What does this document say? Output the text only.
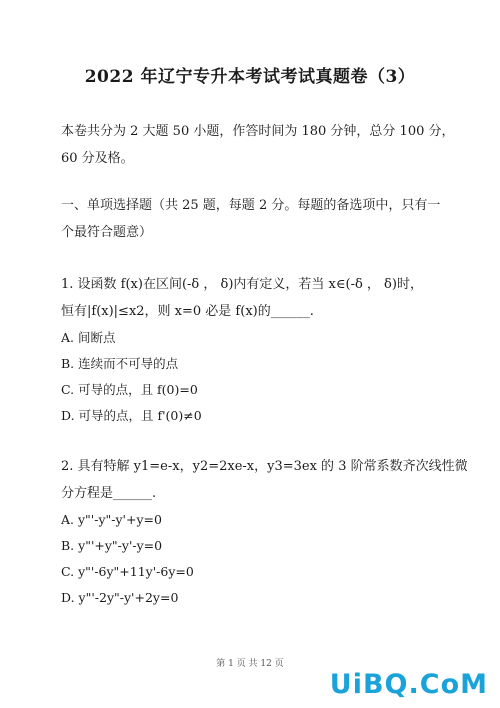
2022 年辽宁专升本考试考试真题卷（3）
本卷共分为 2 大题 50 小题，作答时间为 180 分钟，总分 100 分，
60 分及格。
一、单项选择题（共 25 题，每题 2 分。每题的备选项中，只有一
个最符合题意）
1. 设函数 f(x)在区间(-δ ， δ)内有定义，若当 x∈(-δ ， δ)时，
恒有|f(x)|≤x2，则 x=0 必是 f(x)的______.
A. 间断点
B. 连续而不可导的点
C. 可导的点，且 f(0)=0
D. 可导的点，且 f'(0)≠0
2. 具有特解 y1=e-x，y2=2xe-x，y3=3ex 的 3 阶常系数齐次线性微
分方程是______.
A. y"'-y"-y'+y=0
B. y"'+y"-y'-y=0
C. y"'-6y"+11y'-6y=0
D. y"'-2y"-y'+2y=0
第 1 页 共 12 页
UiBQ.CoM
